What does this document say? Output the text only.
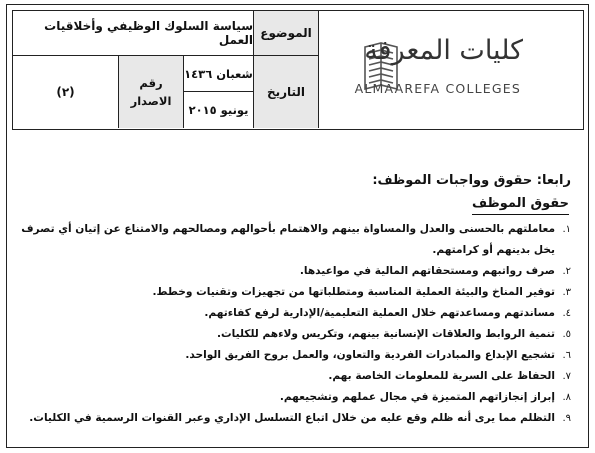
كليات المعرفة
ALMAAREFA COLLEGES
الموضوع
سياسة السلوك الوظيفي وأخلاقيات العمل
التاريخ
شعبان ١٤٣٦
يونيو ٢٠١٥
رقم
الاصدار
(٢)
رابعا: حقوق وواجبات الموظف:
حقوق الموظف
١.
معاملتهم بالحسنى والعدل والمساواة بينهم والاهتمام بأحوالهم ومصالحهم والامتناع عن إتيان أي تصرف يخل بدينهم أو كرامتهم.
٢.
صرف رواتبهم ومستحقاتهم المالية في مواعيدها.
٣.
توفير المناخ والبيئة العملية المناسبة ومتطلباتها من تجهيزات وتقنيات وخطط.
٤.
مساندتهم ومساعدتهم خلال العملية التعليمية/الإدارية لرفع كفاءتهم.
٥.
تنمية الروابط والعلاقات الإنسانية بينهم، وتكريس ولاءهم للكليات.
٦.
تشجيع الإبداع والمبادرات الفردية والتعاون، والعمل بروح الفريق الواحد.
٧.
الحفاظ على السرية للمعلومات الخاصة بهم.
٨.
إبراز إنجازاتهم المتميزة في مجال عملهم وتشجيعهم.
٩.
التظلم مما يرى أنه ظلم وقع عليه من خلال اتباع التسلسل الإداري وعبر القنوات الرسمية في الكليات.
